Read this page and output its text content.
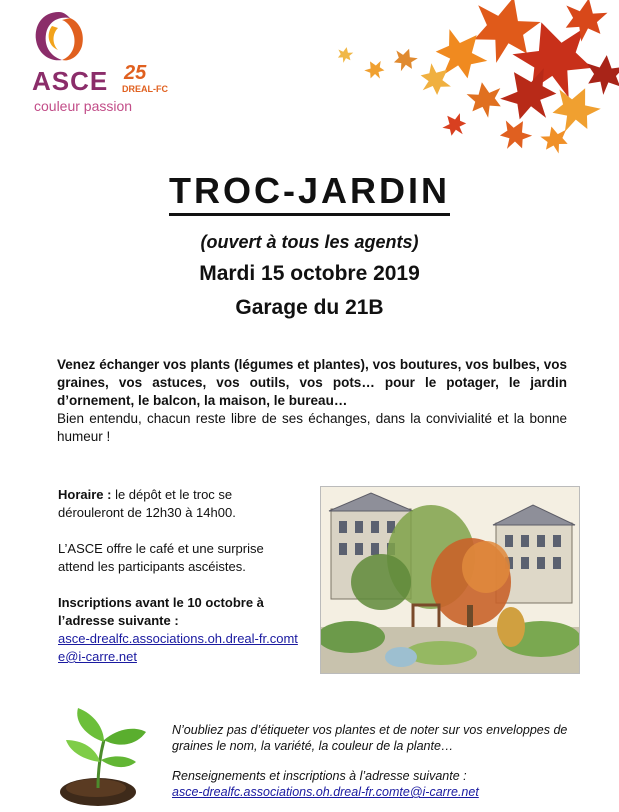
ASCE 25
DREAL-FC
couleur passion
TROC-JARDIN
(ouvert à tous les agents)
Mardi 15 octobre 2019
Garage du 21B
Venez échanger vos plants (légumes et plantes), vos boutures, vos bulbes, vos graines, vos astuces, vos outils, vos pots… pour le potager, le jardin d’ornement, le balcon, la maison, le bureau…
Bien entendu, chacun reste libre de ses échanges, dans la convivialité et la bonne humeur !

Horaire : le dépôt et le troc se dérouleront de 12h30 à 14h00.

L’ASCE offre le café et une surprise attend les participants ascéistes.

Inscriptions avant le 10 octobre à l’adresse suivante :
asce-drealfc.associations.oh.dreal-fr.comte@i-carre.net

N’oubliez pas d’étiqueter vos plantes et de noter sur vos enveloppes de graines le nom, la variété, la couleur de la plante…

Renseignements et inscriptions à l’adresse suivante :
asce-drealfc.associations.oh.dreal-fr.comte@i-carre.net
